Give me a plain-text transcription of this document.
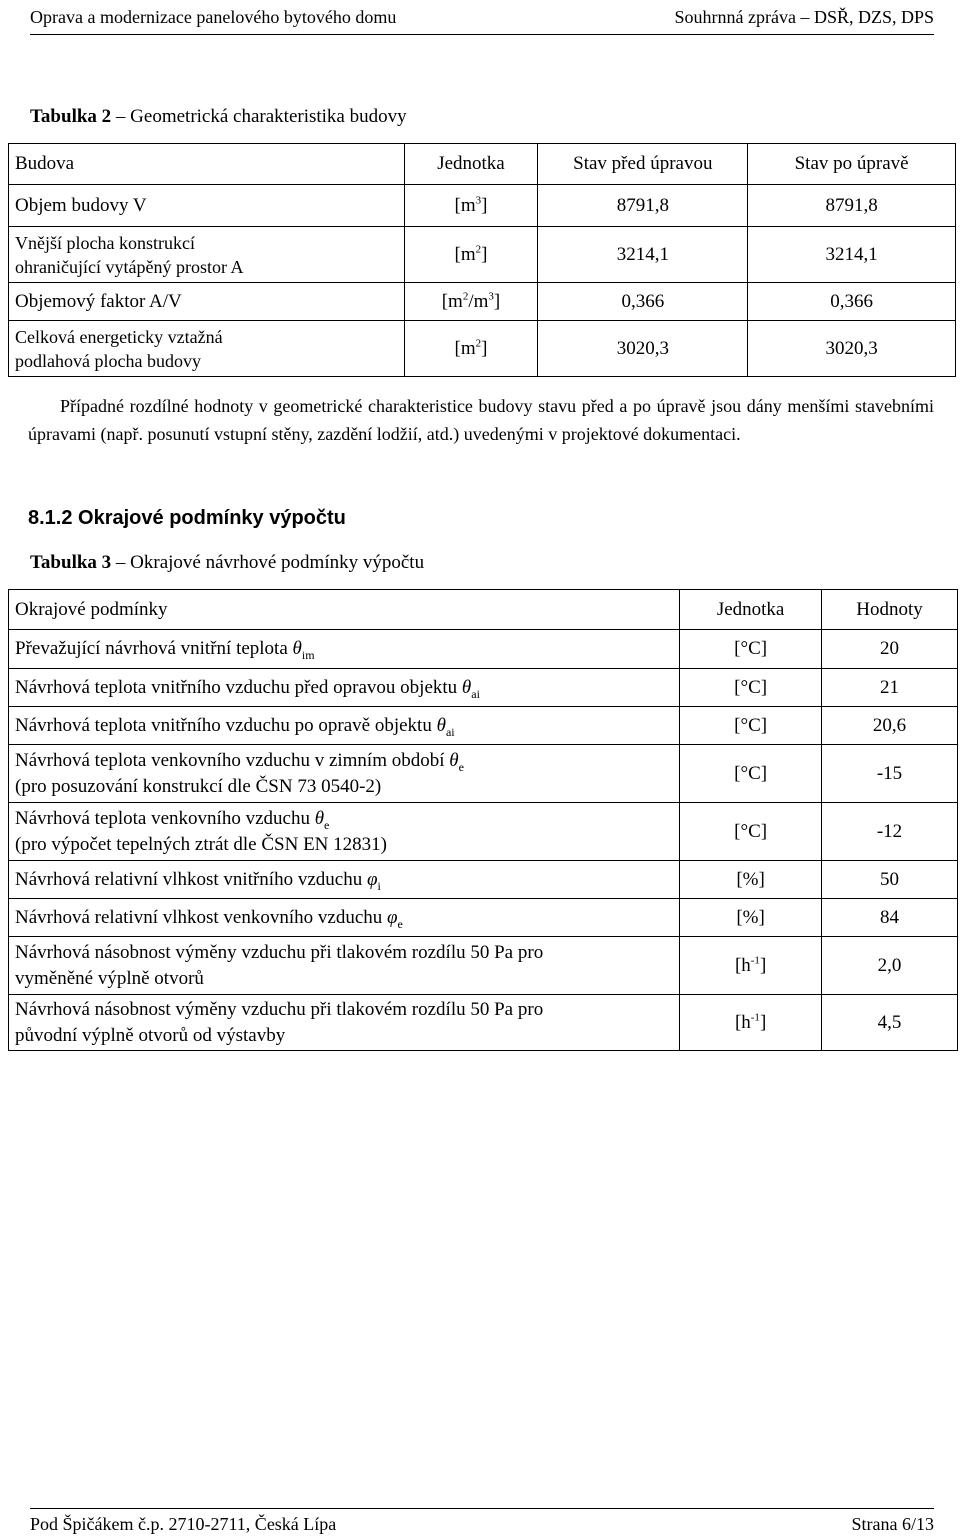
Oprava a modernizace panelového bytového domu	Souhrnná zpráva – DSŘ, DZS, DPS
Tabulka 2 – Geometrická charakteristika budovy
Budova	Jednotka	Stav před úpravou	Stav po úpravě
Objem budovy V	$[m^3]$	8791,8	8791,8
Vnější plocha konstrukcí
ohraničující vytápěný prostor A	$[m^2]$	3214,1	3214,1
Objemový faktor A/V	$[m^2/m^3]$	0,366	0,366
Celková energeticky vztažná
podlahová plocha budovy	$[m^2]$	3020,3	3020,3
Případné rozdílné hodnoty v geometrické charakteristice budovy stavu před a po úpravě jsou dány menšími stavebními úpravami (např. posunutí vstupní stěny, zazdění lodžií, atd.) uvedenými v projektové dokumentaci.
8.1.2 Okrajové podmínky výpočtu
Tabulka 3 – Okrajové návrhové podmínky výpočtu
Okrajové podmínky	Jednotka	Hodnoty
Převažující návrhová vnitřní teplota $\theta_{im}$	[°C]	20
Návrhová teplota vnitřního vzduchu před opravou objektu $\theta_{ai}$	[°C]	21
Návrhová teplota vnitřního vzduchu po opravě objektu $\theta_{ai}$	[°C]	20,6
Návrhová teplota venkovního vzduchu v zimním období $\theta_e$
(pro posuzování konstrukcí dle ČSN 73 0540-2)	[°C]	-15
Návrhová teplota venkovního vzduchu $\theta_e$
(pro výpočet tepelných ztrát dle ČSN EN 12831)	[°C]	-12
Návrhová relativní vlhkost vnitřního vzduchu $\varphi_i$	[%]	50
Návrhová relativní vlhkost venkovního vzduchu $\varphi_e$	[%]	84
Návrhová násobnost výměny vzduchu při tlakovém rozdílu 50 Pa pro
vyměněné výplně otvorů	$[h^{-1}]$	2,0
Návrhová násobnost výměny vzduchu při tlakovém rozdílu 50 Pa pro
původní výplně otvorů od výstavby	$[h^{-1}]$	4,5
Pod Špičákem č.p. 2710-2711, Česká Lípa	Strana 6/13
